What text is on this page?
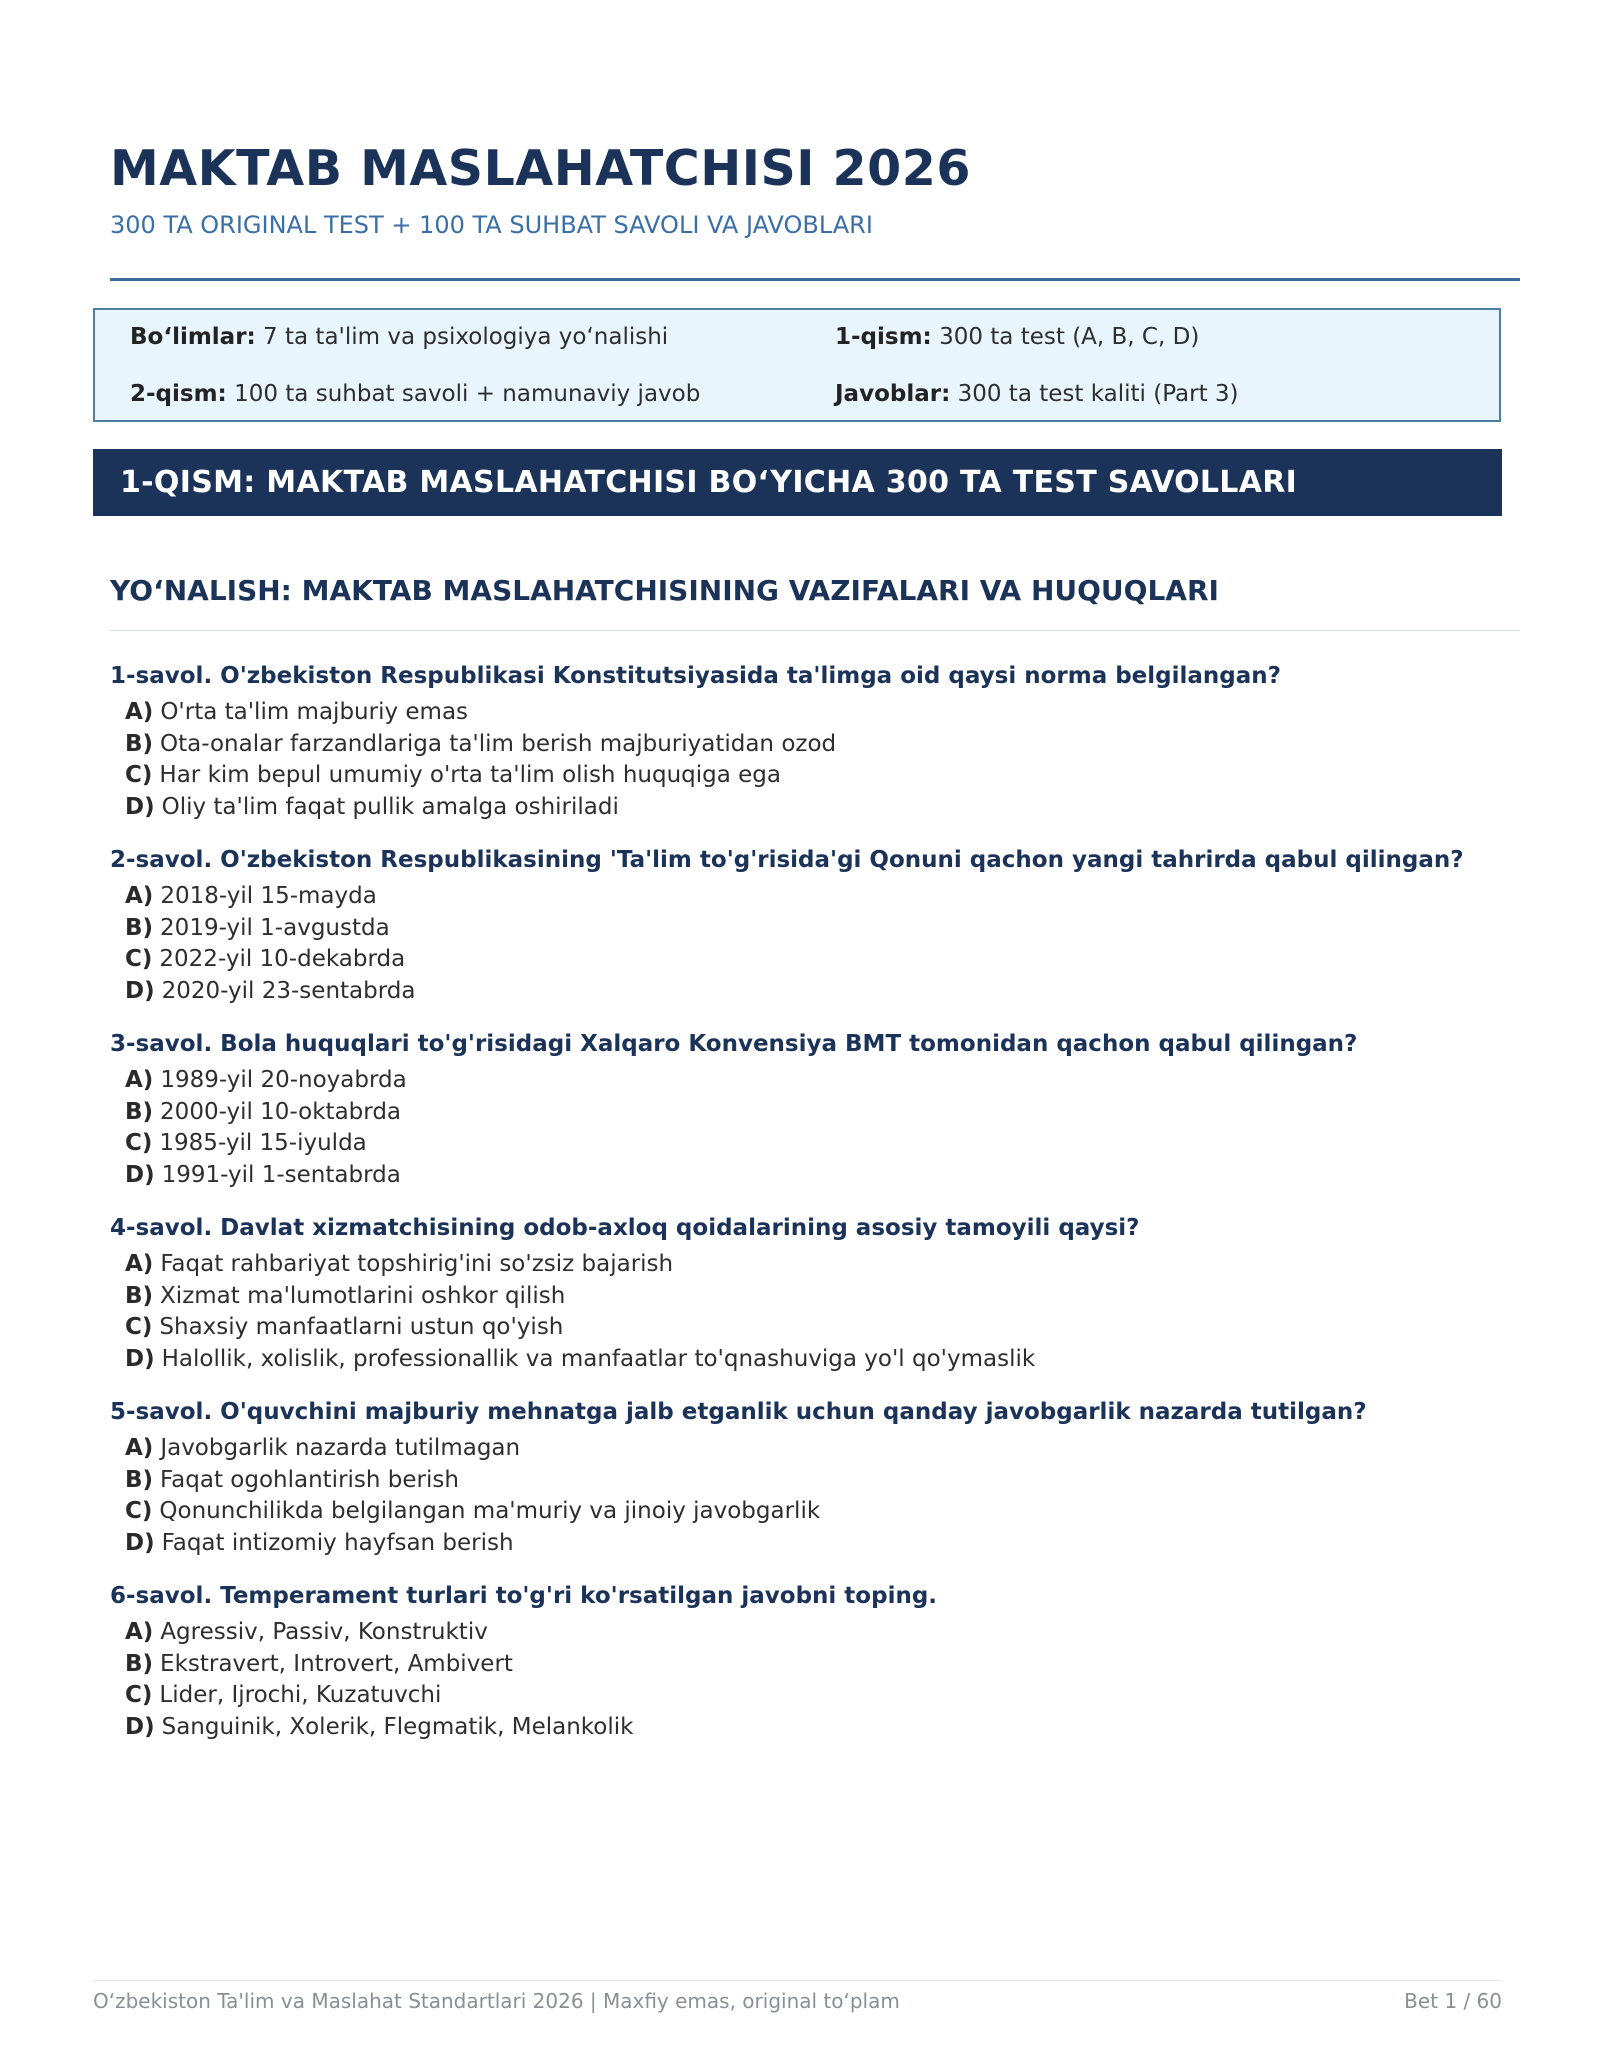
MAKTAB MASLAHATCHISI 2026
300 TA ORIGINAL TEST + 100 TA SUHBAT SAVOLI VA JAVOBLARI
Bo‘limlar: 7 ta ta'lim va psixologiya yo‘nalishi	1-qism: 300 ta test (A, B, C, D)
2-qism: 100 ta suhbat savoli + namunaviy javob	Javoblar: 300 ta test kaliti (Part 3)
1-QISM: MAKTAB MASLAHATCHISI BO‘YICHA 300 TA TEST SAVOLLARI
YO‘NALISH: MAKTAB MASLAHATCHISINING VAZIFALARI VA HUQUQLARI

1-savol. O'zbekiston Respublikasi Konstitutsiyasida ta'limga oid qaysi norma belgilangan?

A) O'rta ta'lim majburiy emas
B) Ota-onalar farzandlariga ta'lim berish majburiyatidan ozod
C) Har kim bepul umumiy o'rta ta'lim olish huquqiga ega
D) Oliy ta'lim faqat pullik amalga oshiriladi

2-savol. O'zbekiston Respublikasining 'Ta'lim to'g'risida'gi Qonuni qachon yangi tahrirda qabul qilingan?

A) 2018-yil 15-mayda
B) 2019-yil 1-avgustda
C) 2022-yil 10-dekabrda
D) 2020-yil 23-sentabrda

3-savol. Bola huquqlari to'g'risidagi Xalqaro Konvensiya BMT tomonidan qachon qabul qilingan?

A) 1989-yil 20-noyabrda
B) 2000-yil 10-oktabrda
C) 1985-yil 15-iyulda
D) 1991-yil 1-sentabrda

4-savol. Davlat xizmatchisining odob-axloq qoidalarining asosiy tamoyili qaysi?

A) Faqat rahbariyat topshirig'ini so'zsiz bajarish
B) Xizmat ma'lumotlarini oshkor qilish
C) Shaxsiy manfaatlarni ustun qo'yish
D) Halollik, xolislik, professionallik va manfaatlar to'qnashuviga yo'l qo'ymaslik

5-savol. O'quvchini majburiy mehnatga jalb etganlik uchun qanday javobgarlik nazarda tutilgan?

A) Javobgarlik nazarda tutilmagan
B) Faqat ogohlantirish berish
C) Qonunchilikda belgilangan ma'muriy va jinoiy javobgarlik
D) Faqat intizomiy hayfsan berish

6-savol. Temperament turlari to'g'ri ko'rsatilgan javobni toping.

A) Agressiv, Passiv, Konstruktiv
B) Ekstravert, Introvert, Ambivert
C) Lider, Ijrochi, Kuzatuvchi
D) Sanguinik, Xolerik, Flegmatik, Melankolik
O‘zbekiston Ta'lim va Maslahat Standartlari 2026 | Maxfiy emas, original to‘plam	Bet 1 / 60
